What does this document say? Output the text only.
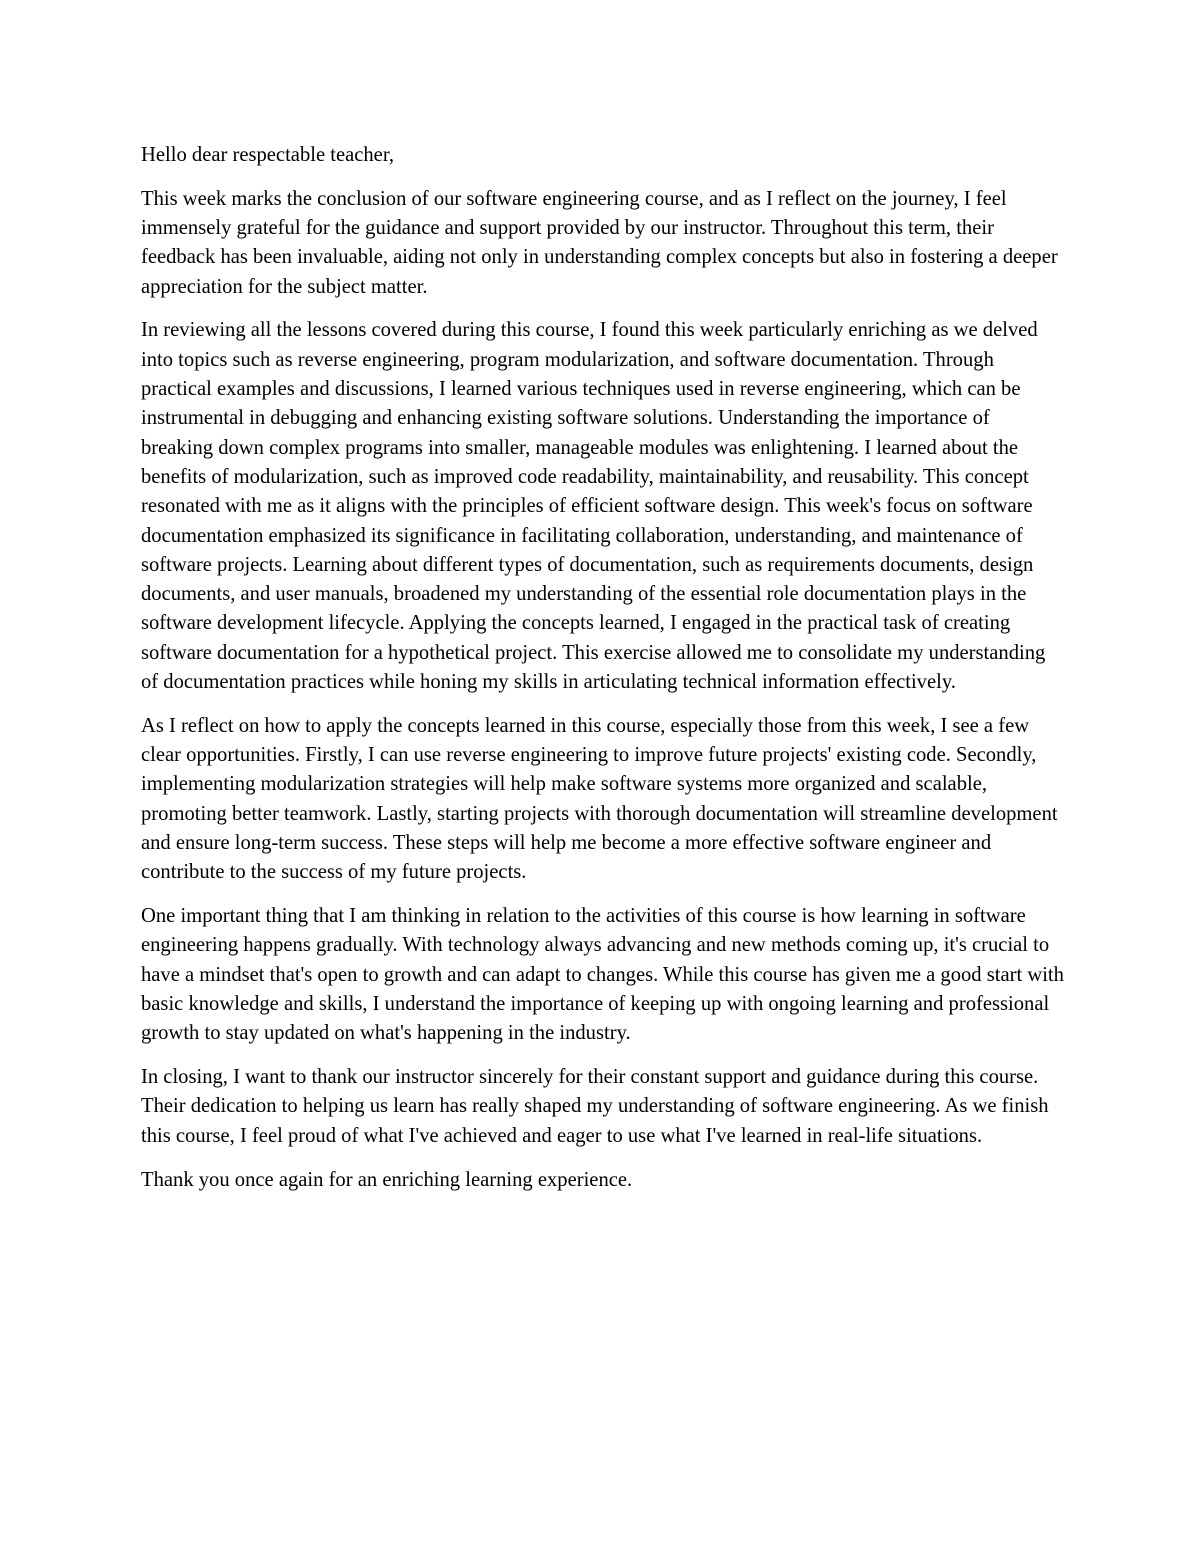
Hello dear respectable teacher,

This week marks the conclusion of our software engineering course, and as I reflect on the journey, I feel immensely grateful for the guidance and support provided by our instructor. Throughout this term, their feedback has been invaluable, aiding not only in understanding complex concepts but also in fostering a deeper appreciation for the subject matter.

In reviewing all the lessons covered during this course, I found this week particularly enriching as we delved into topics such as reverse engineering, program modularization, and software documentation. Through practical examples and discussions, I learned various techniques used in reverse engineering, which can be instrumental in debugging and enhancing existing software solutions. Understanding the importance of breaking down complex programs into smaller, manageable modules was enlightening. I learned about the benefits of modularization, such as improved code readability, maintainability, and reusability. This concept resonated with me as it aligns with the principles of efficient software design. This week's focus on software documentation emphasized its significance in facilitating collaboration, understanding, and maintenance of software projects. Learning about different types of documentation, such as requirements documents, design documents, and user manuals, broadened my understanding of the essential role documentation plays in the software development lifecycle. Applying the concepts learned, I engaged in the practical task of creating software documentation for a hypothetical project. This exercise allowed me to consolidate my understanding of documentation practices while honing my skills in articulating technical information effectively.

As I reflect on how to apply the concepts learned in this course, especially those from this week, I see a few clear opportunities. Firstly, I can use reverse engineering to improve future projects' existing code. Secondly, implementing modularization strategies will help make software systems more organized and scalable, promoting better teamwork. Lastly, starting projects with thorough documentation will streamline development and ensure long-term success. These steps will help me become a more effective software engineer and contribute to the success of my future projects.

One important thing that I am thinking in relation to the activities of this course is how learning in software engineering happens gradually. With technology always advancing and new methods coming up, it's crucial to have a mindset that's open to growth and can adapt to changes. While this course has given me a good start with basic knowledge and skills, I understand the importance of keeping up with ongoing learning and professional growth to stay updated on what's happening in the industry.

In closing, I want to thank our instructor sincerely for their constant support and guidance during this course. Their dedication to helping us learn has really shaped my understanding of software engineering. As we finish this course, I feel proud of what I've achieved and eager to use what I've learned in real-life situations.

Thank you once again for an enriching learning experience.
